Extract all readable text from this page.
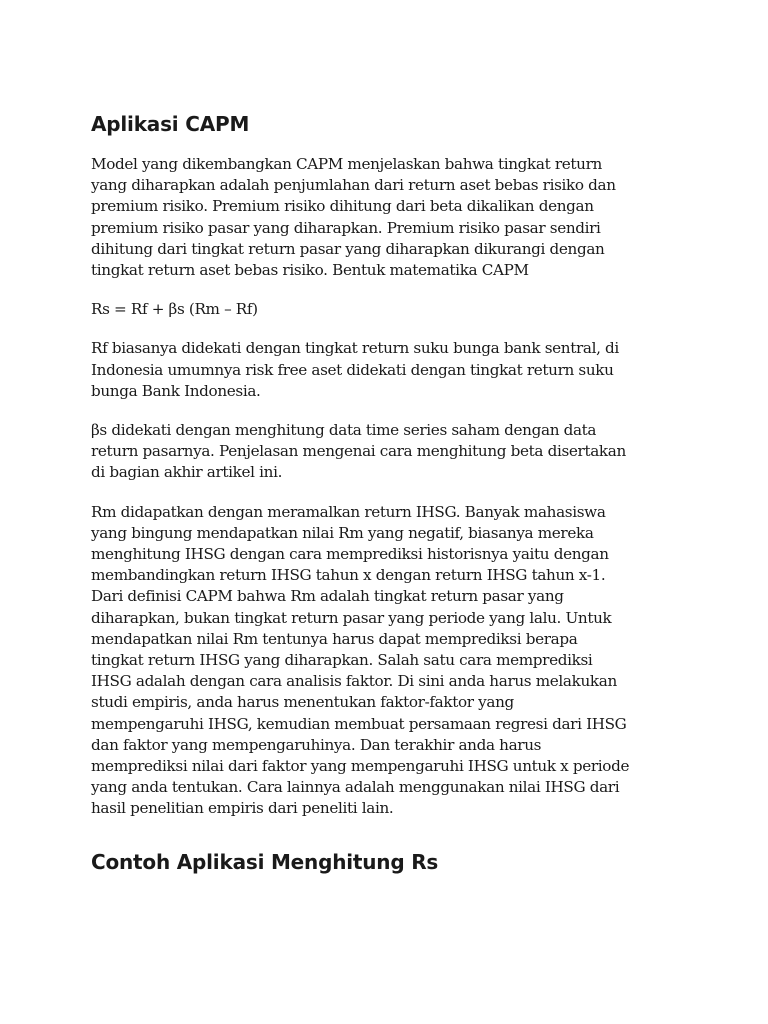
Aplikasi CAPM

Model yang dikembangkan CAPM menjelaskan bahwa tingkat return
yang diharapkan adalah penjumlahan dari return aset bebas risiko dan
premium risiko. Premium risiko dihitung dari beta dikalikan dengan
premium risiko pasar yang diharapkan. Premium risiko pasar sendiri
dihitung dari tingkat return pasar yang diharapkan dikurangi dengan
tingkat return aset bebas risiko. Bentuk matematika CAPM

Rs = Rf + βs (Rm – Rf)

Rf biasanya didekati dengan tingkat return suku bunga bank sentral, di
Indonesia umumnya risk free aset didekati dengan tingkat return suku
bunga Bank Indonesia.

βs didekati dengan menghitung data time series saham dengan data
return pasarnya. Penjelasan mengenai cara menghitung beta disertakan
di bagian akhir artikel ini.

Rm didapatkan dengan meramalkan return IHSG. Banyak mahasiswa
yang bingung mendapatkan nilai Rm yang negatif, biasanya mereka
menghitung IHSG dengan cara memprediksi historisnya yaitu dengan
membandingkan return IHSG tahun x dengan return IHSG tahun x-1.
Dari definisi CAPM bahwa Rm adalah tingkat return pasar yang
diharapkan, bukan tingkat return pasar yang periode yang lalu. Untuk
mendapatkan nilai Rm tentunya harus dapat memprediksi berapa
tingkat return IHSG yang diharapkan. Salah satu cara memprediksi
IHSG adalah dengan cara analisis faktor. Di sini anda harus melakukan
studi empiris, anda harus menentukan faktor-faktor yang
mempengaruhi IHSG, kemudian membuat persamaan regresi dari IHSG
dan faktor yang mempengaruhinya. Dan terakhir anda harus
memprediksi nilai dari faktor yang mempengaruhi IHSG untuk x periode
yang anda tentukan. Cara lainnya adalah menggunakan nilai IHSG dari
hasil penelitian empiris dari peneliti lain.

Contoh Aplikasi Menghitung Rs
